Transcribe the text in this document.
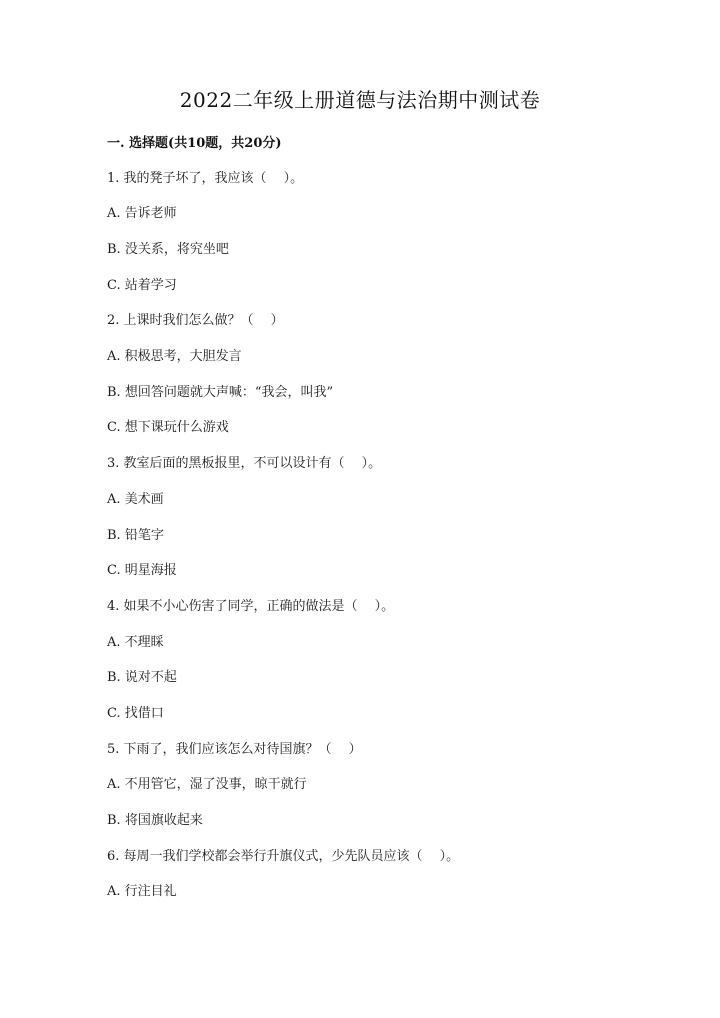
2022二年级上册道德与法治期中测试卷
一. 选择题(共10题，共20分)
1. 我的凳子坏了，我应该（　 ）。
A. 告诉老师
B. 没关系，将究坐吧
C. 站着学习
2. 上课时我们怎么做？（　 ）
A. 积极思考，大胆发言
B. 想回答问题就大声喊：“我会，叫我”
C. 想下课玩什么游戏
3. 教室后面的黑板报里，不可以设计有（　 ）。
A. 美术画
B. 铅笔字
C. 明星海报
4. 如果不小心伤害了同学，正确的做法是（　 ）。
A. 不理睬
B. 说对不起
C. 找借口
5. 下雨了，我们应该怎么对待国旗？（　 ）
A. 不用管它，湿了没事，晾干就行
B. 将国旗收起来
6. 每周一我们学校都会举行升旗仪式，少先队员应该（　 ）。
A. 行注目礼
